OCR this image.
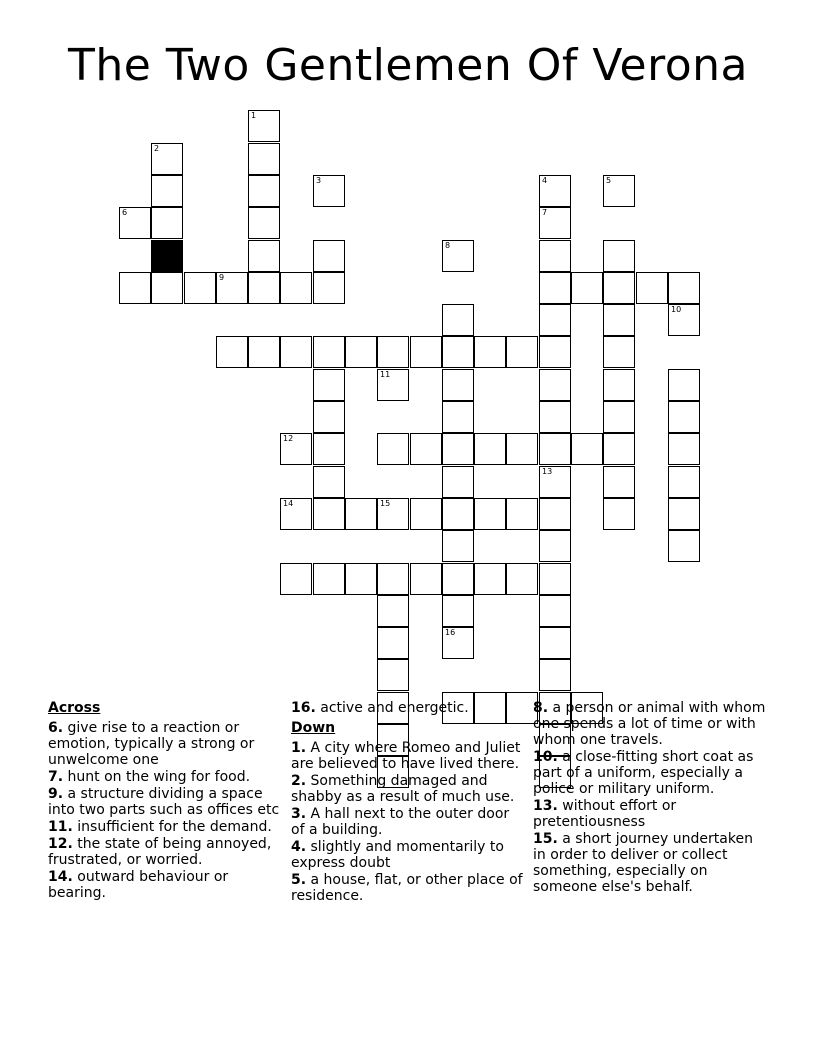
The Two Gentlemen Of Verona
1
2
9
13
14	15
3	4	5
6	7
8
10
11
12
16
Across
6. give rise to a reaction or emotion, typically a strong or unwelcome one
7. hunt on the wing for food.
9. a structure dividing a space into two parts such as offices etc
11. insufficient for the demand.
12. the state of being annoyed, frustrated, or worried.
14. outward behaviour or bearing.
16. active and energetic.
Down
1. A city where Romeo and Juliet are believed to have lived there.
2. Something damaged and shabby as a result of much use.
3. A hall next to the outer door of a building.
4. slightly and momentarily to express doubt
5. a house, flat, or other place of residence.
8. a person or animal with whom one spends a lot of time or with whom one travels.
10. a close-fitting short coat as part of a uniform, especially a police or military uniform.
13. without effort or pretentiousness
15. a short journey undertaken in order to deliver or collect something, especially on someone else's behalf.
